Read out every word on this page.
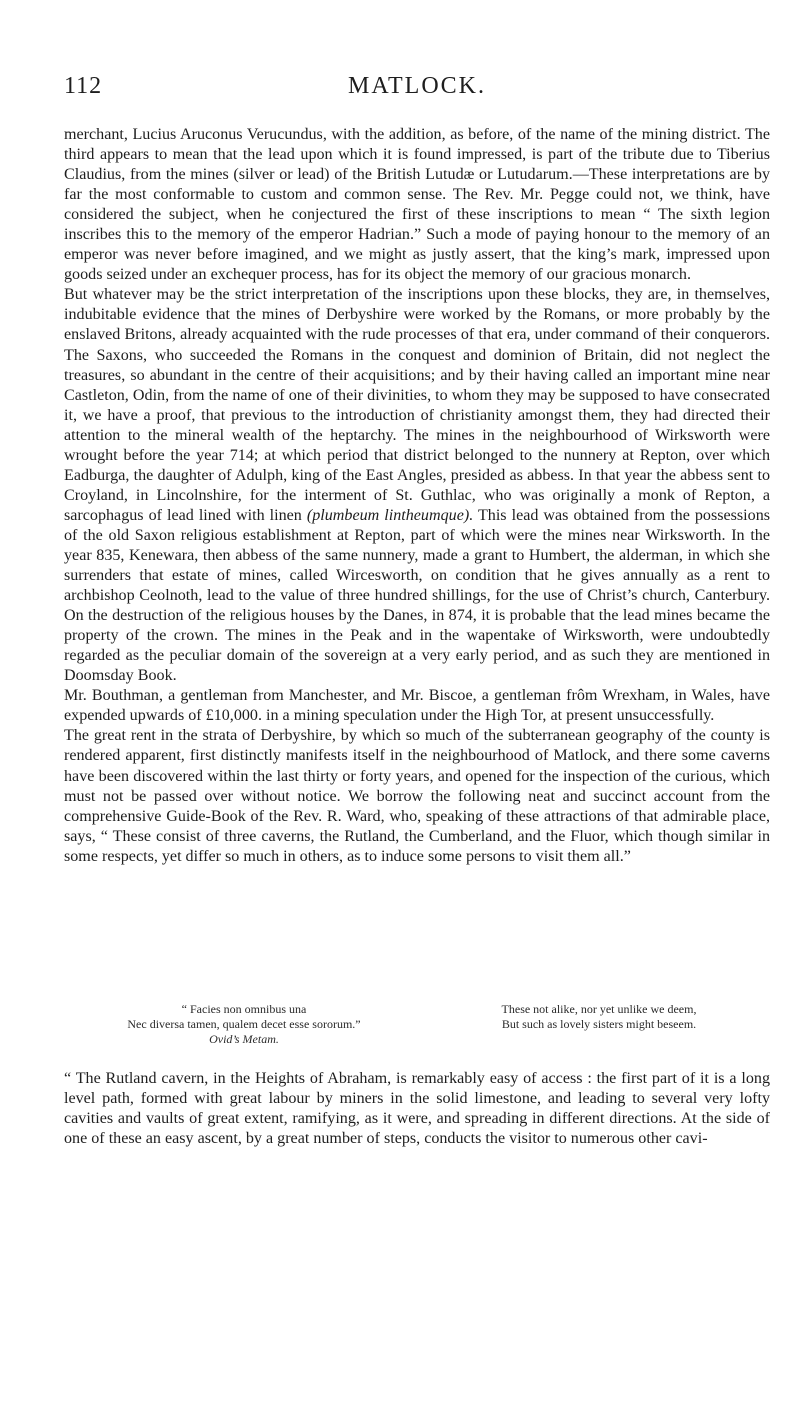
112	MATLOCK.

merchant, Lucius Aruconus Verucundus, with the addition, as before, of the name of the mining district. The third appears to mean that the lead upon which it is found impressed, is part of the tribute due to Tiberius Claudius, from the mines (silver or lead) of the British Lutudæ or Lutudarum.—These interpretations are by far the most conformable to custom and common sense. The Rev. Mr. Pegge could not, we think, have considered the subject, when he conjectured the first of these inscriptions to mean “ The sixth legion inscribes this to the memory of the emperor Hadrian.” Such a mode of paying honour to the memory of an emperor was never before imagined, and we might as justly assert, that the king’s mark, impressed upon goods seized under an exchequer process, has for its object the memory of our gracious monarch.

But whatever may be the strict interpretation of the inscriptions upon these blocks, they are, in themselves, indubitable evidence that the mines of Derbyshire were worked by the Romans, or more probably by the enslaved Britons, already acquainted with the rude processes of that era, under command of their conquerors. The Saxons, who succeeded the Romans in the conquest and dominion of Britain, did not neglect the treasures, so abundant in the centre of their acquisitions; and by their having called an important mine near Castleton, Odin, from the name of one of their divinities, to whom they may be supposed to have consecrated it, we have a proof, that previous to the introduction of christianity amongst them, they had directed their attention to the mineral wealth of the heptarchy. The mines in the neighbourhood of Wirksworth were wrought before the year 714; at which period that district belonged to the nunnery at Repton, over which Eadburga, the daughter of Adulph, king of the East Angles, presided as abbess. In that year the abbess sent to Croyland, in Lincolnshire, for the interment of St. Guthlac, who was originally a monk of Repton, a sarcophagus of lead lined with linen (plumbeum lintheumque). This lead was obtained from the possessions of the old Saxon religious establishment at Repton, part of which were the mines near Wirksworth. In the year 835, Kenewara, then abbess of the same nunnery, made a grant to Humbert, the alderman, in which she surrenders that estate of mines, called Wircesworth, on condition that he gives annually as a rent to archbishop Ceolnoth, lead to the value of three hundred shillings, for the use of Christ’s church, Canterbury. On the destruction of the religious houses by the Danes, in 874, it is probable that the lead mines became the property of the crown. The mines in the Peak and in the wapentake of Wirksworth, were undoubtedly regarded as the peculiar domain of the sovereign at a very early period, and as such they are mentioned in Doomsday Book.

Mr. Bouthman, a gentleman from Manchester, and Mr. Biscoe, a gentleman frôm Wrexham, in Wales, have expended upwards of £10,000. in a mining speculation under the High Tor, at present unsuccessfully.

The great rent in the strata of Derbyshire, by which so much of the subterranean geography of the county is rendered apparent, first distinctly manifests itself in the neighbourhood of Matlock, and there some caverns have been discovered within the last thirty or forty years, and opened for the inspection of the curious, which must not be passed over without notice. We borrow the following neat and succinct account from the comprehensive Guide-Book of the Rev. R. Ward, who, speaking of these attractions of that admirable place, says, “ These consist of three caverns, the Rutland, the Cumberland, and the Fluor, which though similar in some respects, yet differ so much in others, as to induce some persons to visit them all.”

“ Facies non omnibus una
Nec diversa tamen, qualem decet esse sororum.”
Ovid’s Metam.
These not alike, nor yet unlike we deem,
But such as lovely sisters might beseem.

“ The Rutland cavern, in the Heights of Abraham, is remarkably easy of access : the first part of it is a long level path, formed with great labour by miners in the solid limestone, and leading to several very lofty cavities and vaults of great extent, ramifying, as it were, and spreading in different directions. At the side of one of these an easy ascent, by a great number of steps, conducts the visitor to numerous other cavi-
